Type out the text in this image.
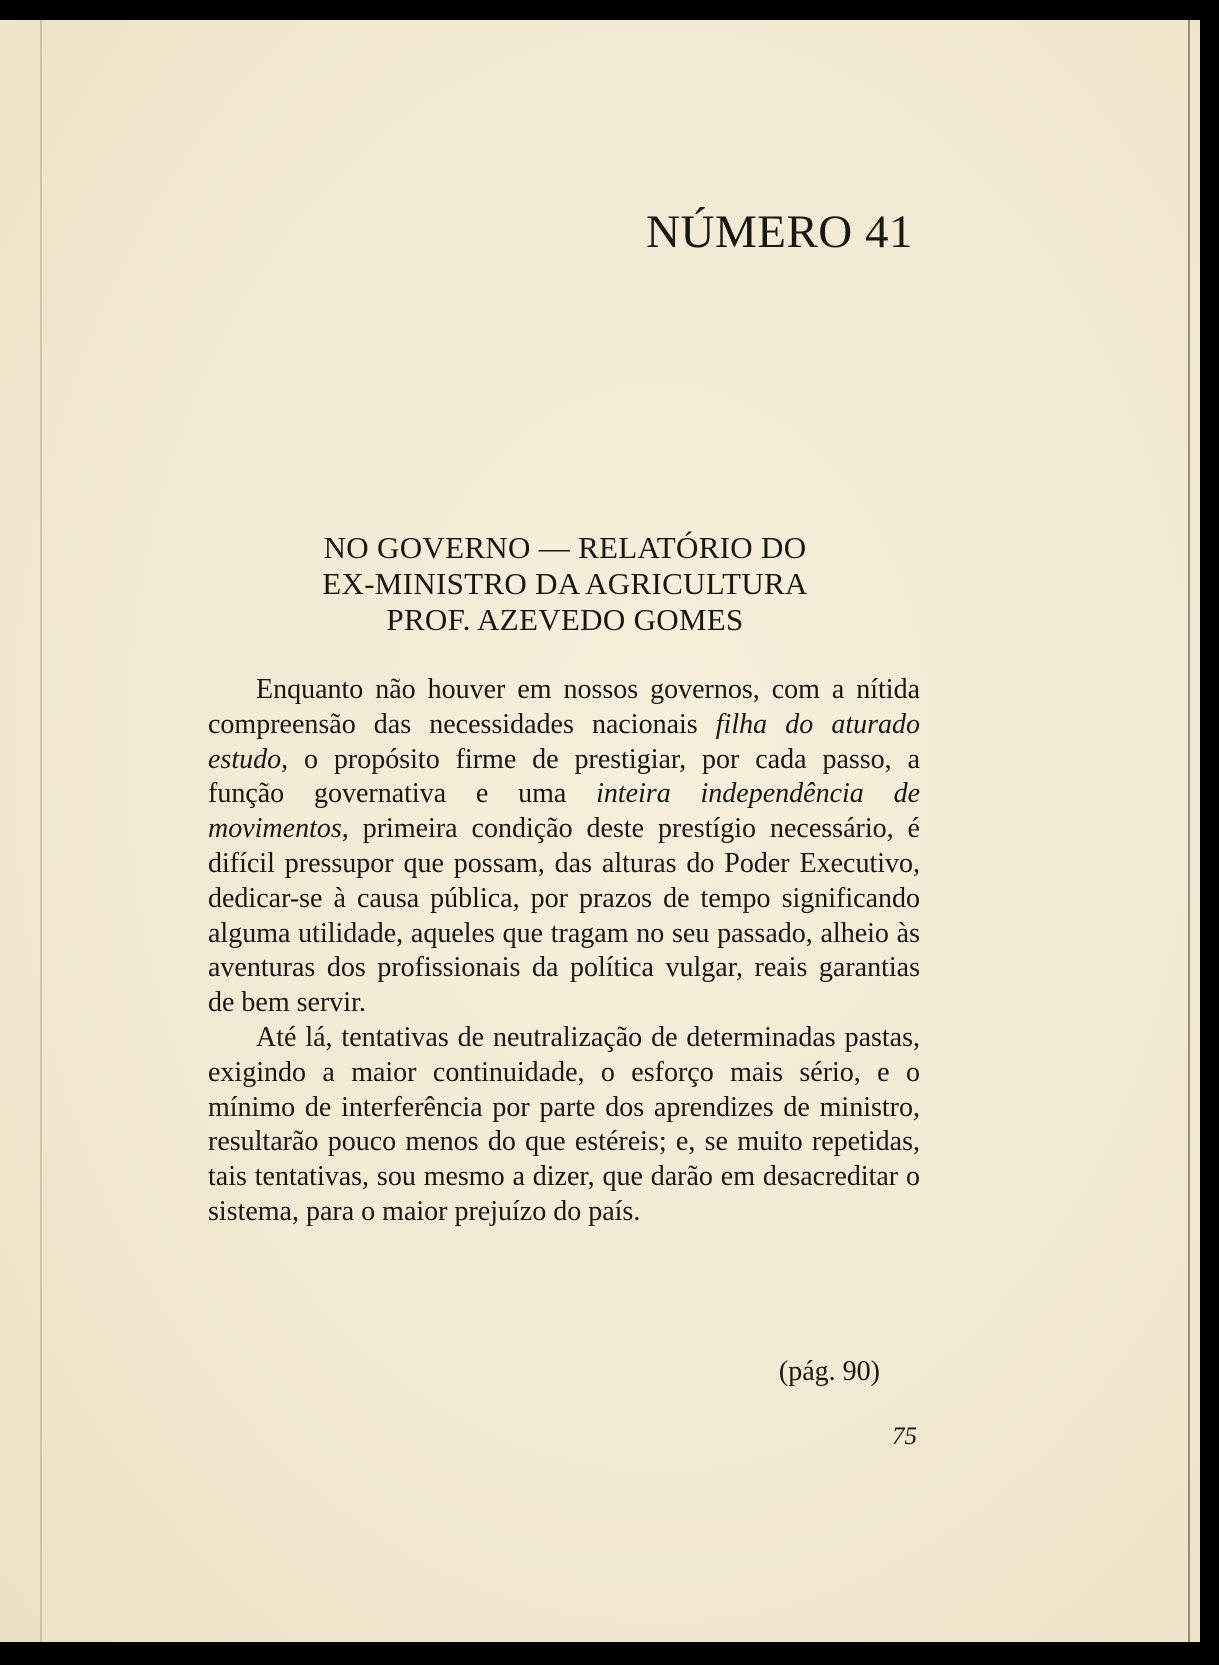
NÚMERO 41
NO GOVERNO — RELATÓRIO DO
EX-MINISTRO DA AGRICULTURA
PROF. AZEVEDO GOMES

Enquanto não houver em nossos governos, com a nítida compreensão das necessidades nacionais filha do aturado estudo, o propósito firme de prestigiar, por cada passo, a função governativa e uma inteira independência de movimentos, primeira condição deste prestígio necessário, é difícil pressupor que possam, das alturas do Poder Executivo, dedicar-se à causa pública, por prazos de tempo significando alguma utilidade, aqueles que tragam no seu passado, alheio às aventuras dos profissionais da política vulgar, reais garantias de bem servir.

Até lá, tentativas de neutralização de determinadas pastas, exigindo a maior continuidade, o esforço mais sério, e o mínimo de interferência por parte dos aprendizes de ministro, resultarão pouco menos do que estéreis; e, se muito repetidas, tais tentativas, sou mesmo a dizer, que darão em desacreditar o sistema, para o maior prejuízo do país.

(pág. 90)

75
